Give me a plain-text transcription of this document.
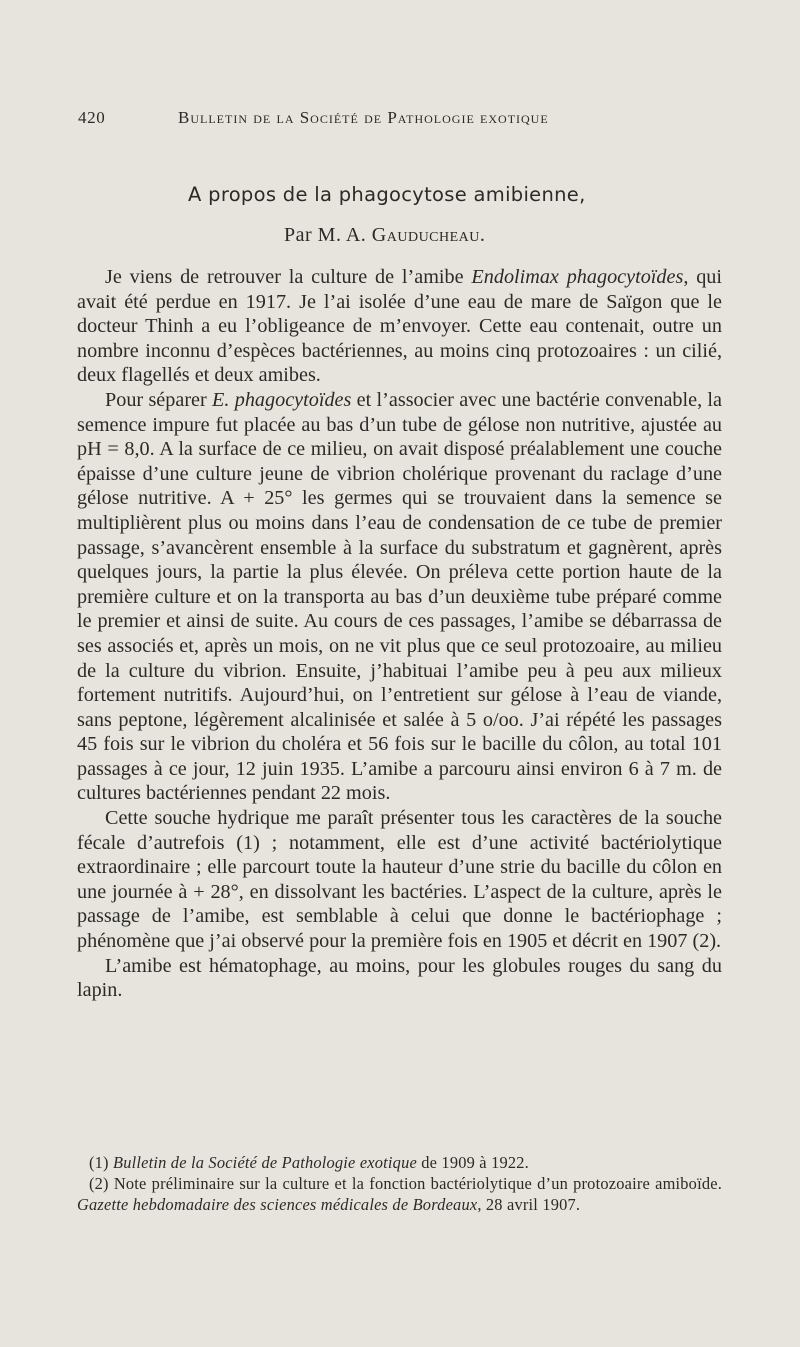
420	Bulletin de la Société de Pathologie exotique
A propos de la phagocytose amibienne,
Par M. A. Gauducheau.

Je viens de retrouver la culture de l’amibe Endolimax phagocytoïdes, qui avait été perdue en 1917. Je l’ai isolée d’une eau de mare de Saïgon que le docteur Thinh a eu l’obligeance de m’envoyer. Cette eau contenait, outre un nombre inconnu d’espèces bactériennes, au moins cinq protozoaires : un cilié, deux flagellés et deux amibes.

Pour séparer E. phagocytoïdes et l’associer avec une bactérie convenable, la semence impure fut placée au bas d’un tube de gélose non nutritive, ajustée au pH = 8,0. A la surface de ce milieu, on avait disposé préalablement une couche épaisse d’une culture jeune de vibrion cholérique provenant du raclage d’une gélose nutritive. A + 25° les germes qui se trouvaient dans la semence se multiplièrent plus ou moins dans l’eau de condensation de ce tube de premier passage, s’avancèrent ensemble à la surface du substratum et gagnèrent, après quelques jours, la partie la plus élevée. On préleva cette portion haute de la première culture et on la transporta au bas d’un deuxième tube préparé comme le premier et ainsi de suite. Au cours de ces passages, l’amibe se débarrassa de ses associés et, après un mois, on ne vit plus que ce seul protozoaire, au milieu de la culture du vibrion. Ensuite, j’habituai l’amibe peu à peu aux milieux fortement nutritifs. Aujourd’hui, on l’entretient sur gélose à l’eau de viande, sans peptone, légèrement alcalinisée et salée à 5 o/oo. J’ai répété les passages 45 fois sur le vibrion du choléra et 56 fois sur le bacille du côlon, au total 101 passages à ce jour, 12 juin 1935. L’amibe a parcouru ainsi environ 6 à 7 m. de cultures bactériennes pendant 22 mois.

Cette souche hydrique me paraît présenter tous les caractères de la souche fécale d’autrefois (1) ; notamment, elle est d’une activité bactériolytique extraordinaire ; elle parcourt toute la hauteur d’une strie du bacille du côlon en une journée à + 28°, en dissolvant les bactéries. L’aspect de la culture, après le passage de l’amibe, est semblable à celui que donne le bactériophage ; phénomène que j’ai observé pour la première fois en 1905 et décrit en 1907 (2).

L’amibe est hématophage, au moins, pour les globules rouges du sang du lapin.

(1) Bulletin de la Société de Pathologie exotique de 1909 à 1922.

(2) Note préliminaire sur la culture et la fonction bactériolytique d’un protozoaire amiboïde. Gazette hebdomadaire des sciences médicales de Bordeaux, 28 avril 1907.
